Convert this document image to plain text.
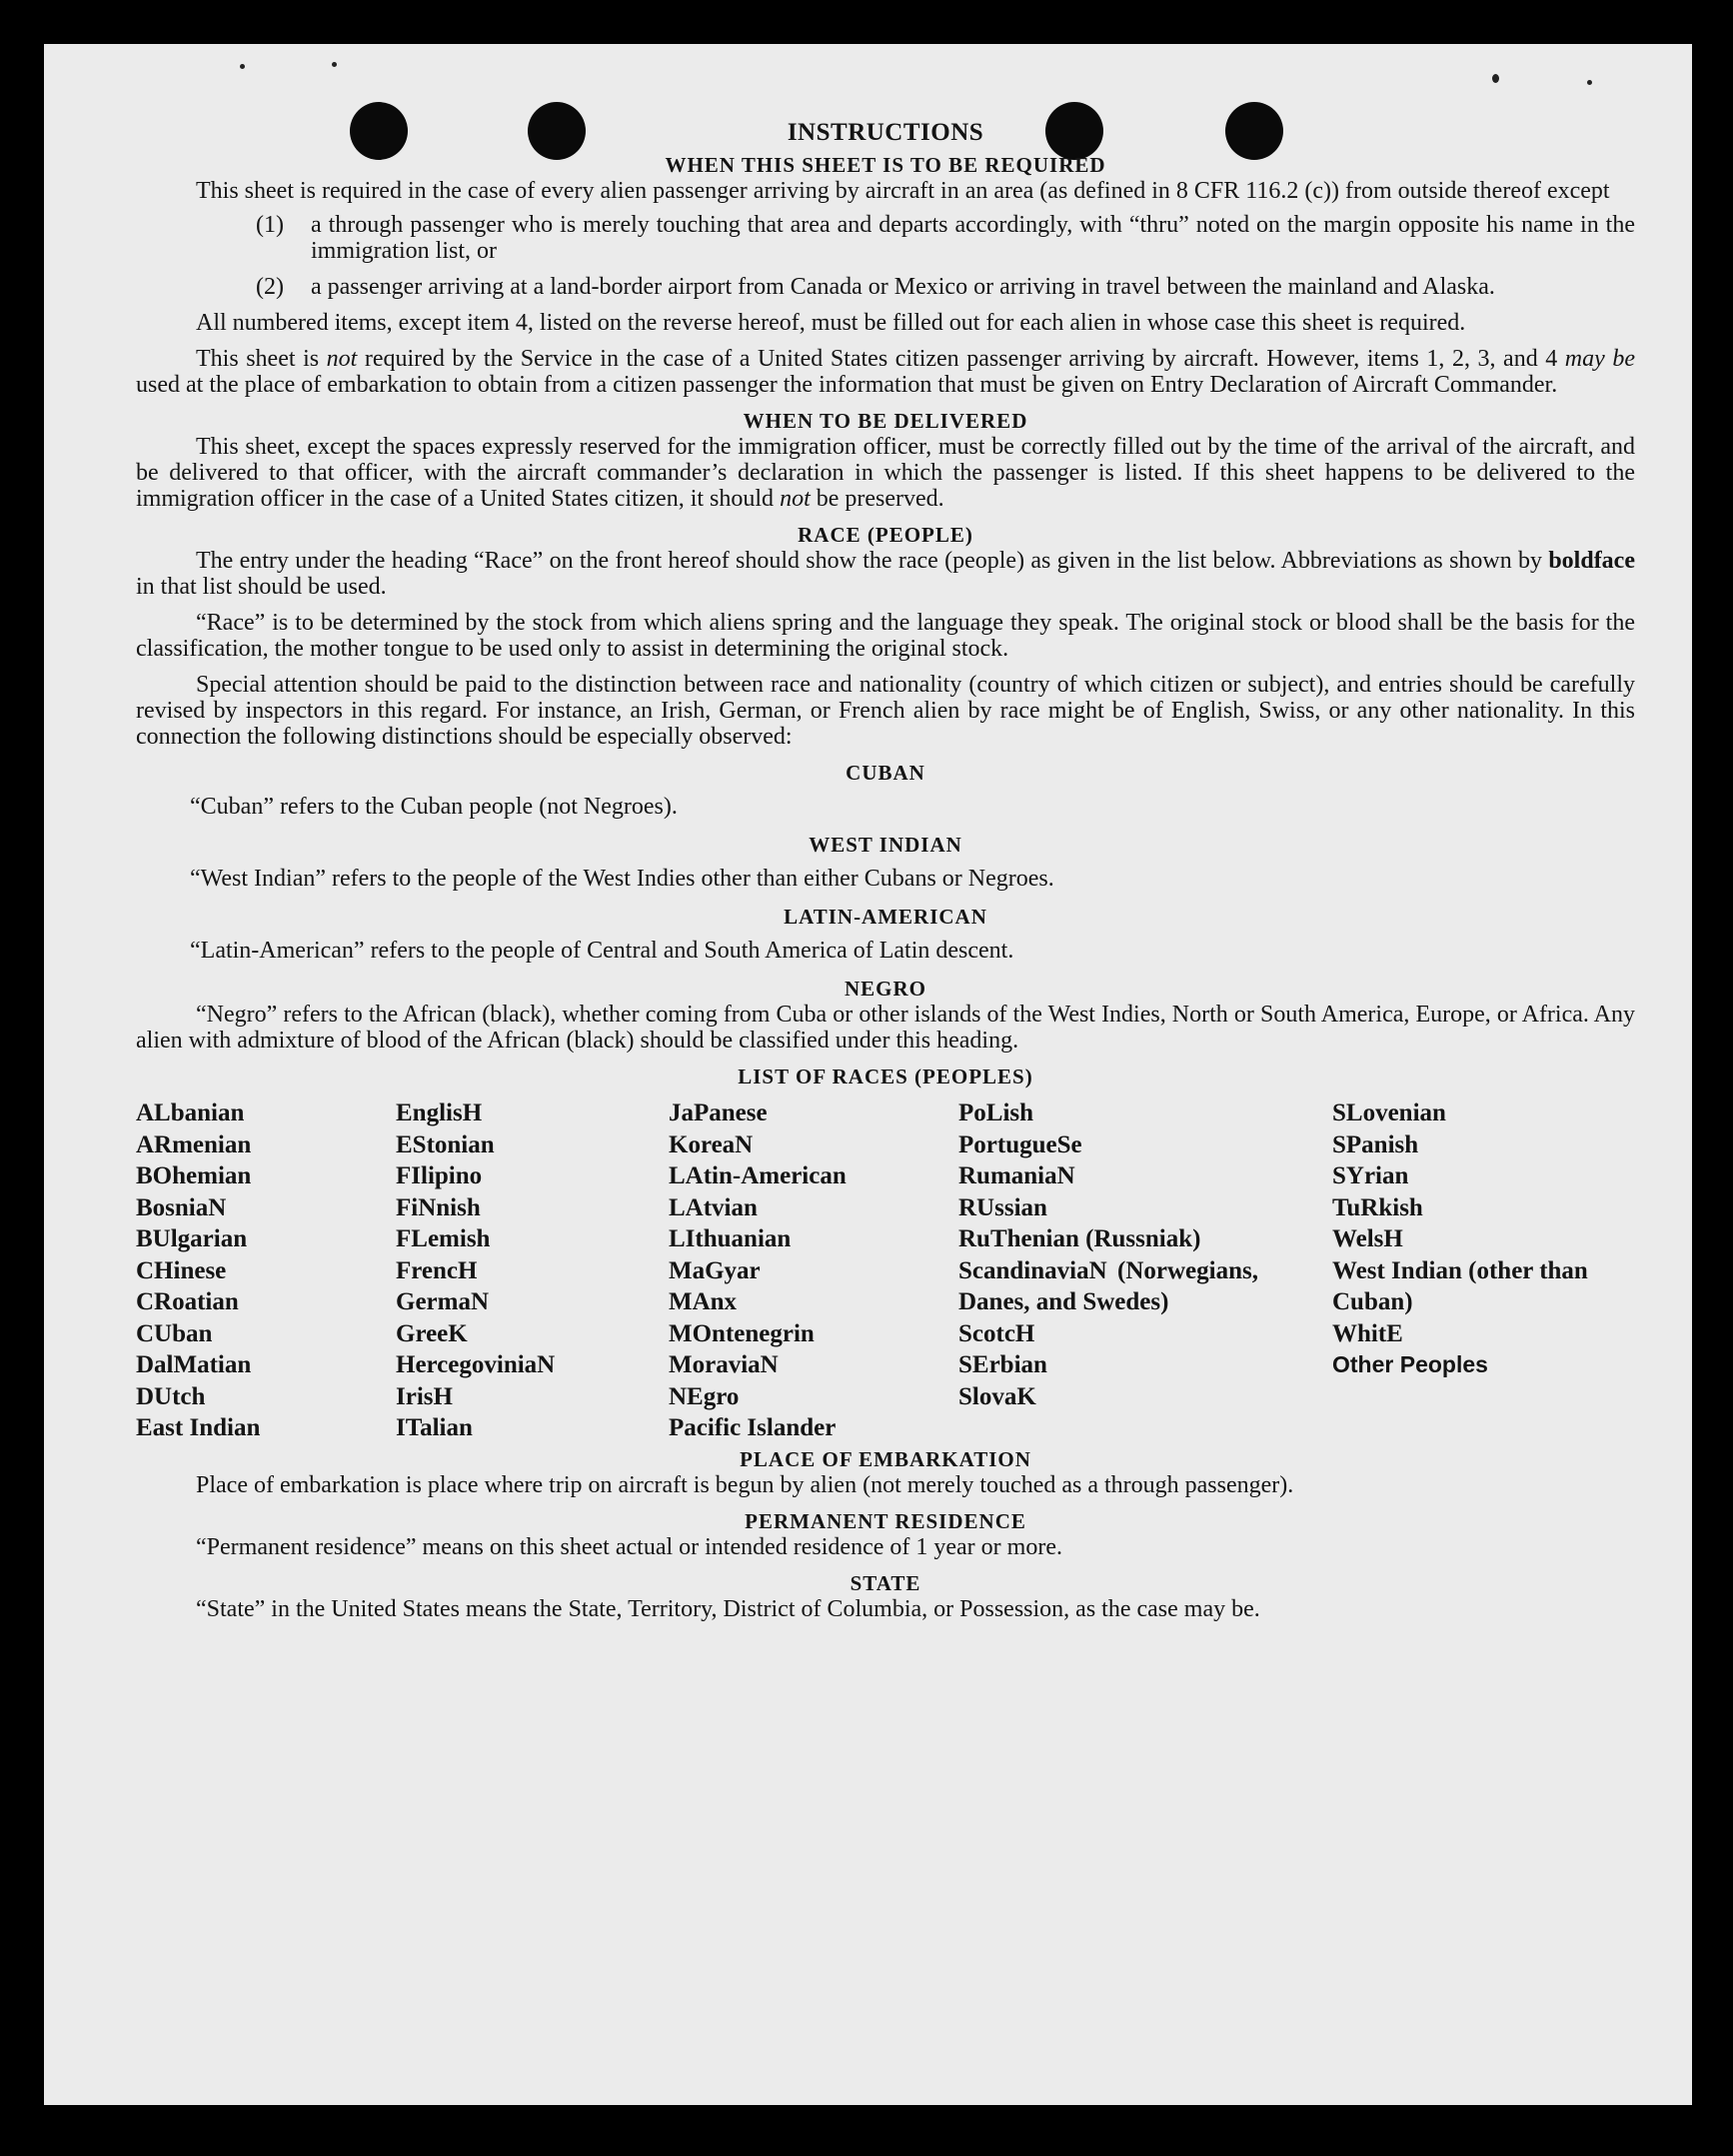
INSTRUCTIONS
WHEN THIS SHEET IS TO BE REQUIRED
This sheet is required in the case of every alien passenger arriving by aircraft in an area (as defined in 8 CFR 116.2 (c)) from outside thereof except
(1)	a through passenger who is merely touching that area and departs accordingly, with “thru” noted on the margin opposite his name in the immigration list, or
(2)	a passenger arriving at a land-border airport from Canada or Mexico or arriving in travel between the mainland and Alaska.
All numbered items, except item 4, listed on the reverse hereof, must be filled out for each alien in whose case this sheet is required.
This sheet is not required by the Service in the case of a United States citizen passenger arriving by aircraft. However, items 1, 2, 3, and 4 may be used at the place of embarkation to obtain from a citizen passenger the information that must be given on Entry Declaration of Aircraft Commander.
WHEN TO BE DELIVERED
This sheet, except the spaces expressly reserved for the immigration officer, must be correctly filled out by the time of the arrival of the aircraft, and be delivered to that officer, with the aircraft commander’s declaration in which the passenger is listed. If this sheet happens to be delivered to the immigration officer in the case of a United States citizen, it should not be preserved.
RACE (PEOPLE)
The entry under the heading “Race” on the front hereof should show the race (people) as given in the list below. Abbreviations as shown by boldface in that list should be used.
“Race” is to be determined by the stock from which aliens spring and the language they speak. The original stock or blood shall be the basis for the classification, the mother tongue to be used only to assist in determining the original stock.
Special attention should be paid to the distinction between race and nationality (country of which citizen or subject), and entries should be carefully revised by inspectors in this regard. For instance, an Irish, German, or French alien by race might be of English, Swiss, or any other nationality. In this connection the following distinctions should be especially observed:
CUBAN
“Cuban” refers to the Cuban people (not Negroes).
WEST INDIAN
“West Indian” refers to the people of the West Indies other than either Cubans or Negroes.
LATIN-AMERICAN
“Latin-American” refers to the people of Central and South America of Latin descent.
NEGRO
“Negro” refers to the African (black), whether coming from Cuba or other islands of the West Indies, North or South America, Europe, or Africa. Any alien with admixture of blood of the African (black) should be classified under this heading.
LIST OF RACES (PEOPLES)
ALbanian
ARmenian
BOhemian
BosniaN
BUlgarian
CHinese
CRoatian
CUban
DalMatian
DUtch
East Indian
EnglisH
EStonian
FIlipino
FiNnish
FLemish
FrencH
GermaN
GreeK
HercegoviniaN
IrisH
ITalian
JaPanese
KoreaN
LAtin-American
LAtvian
LIthuanian
MaGyar
MAnx
MOntenegrin
MoraviaN
NEgro
Pacific Islander
PoLish
PortugueSe
RumaniaN
RUssian
RuThenian (Russniak)
ScandinaviaN (Norwegians, Danes, and Swedes)
ScotcH
SErbian
SlovaK
SLovenian
SPanish
SYrian
TuRkish
WelsH
West Indian (other than Cuban)
WhitE
Other Peoples
PLACE OF EMBARKATION
Place of embarkation is place where trip on aircraft is begun by alien (not merely touched as a through passenger).
PERMANENT RESIDENCE
“Permanent residence” means on this sheet actual or intended residence of 1 year or more.
STATE
“State” in the United States means the State, Territory, District of Columbia, or Possession, as the case may be.
